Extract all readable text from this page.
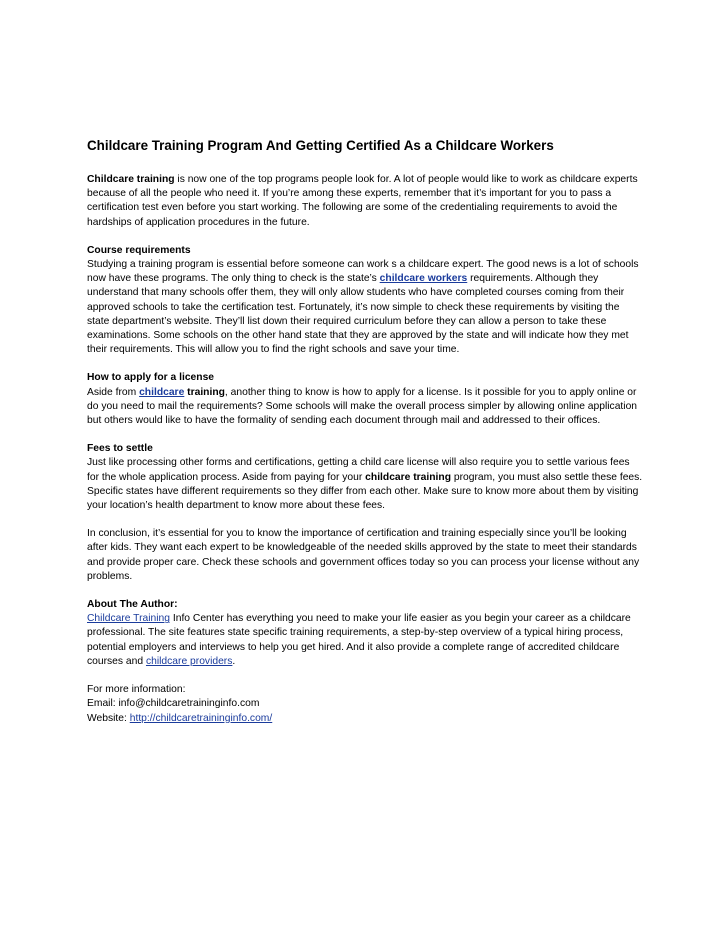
Childcare Training Program And Getting Certified As a Childcare Workers

Childcare training is now one of the top programs people look for. A lot of people would like to work as childcare experts because of all the people who need it. If you’re among these experts, remember that it’s important for you to pass a certification test even before you start working. The following are some of the credentialing requirements to avoid the hardships of application procedures in the future.

Course requirements
Studying a training program is essential before someone can work s a childcare expert. The good news is a lot of schools now have these programs. The only thing to check is the state’s childcare workers requirements. Although they understand that many schools offer them, they will only allow students who have completed courses coming from their approved schools to take the certification test. Fortunately, it’s now simple to check these requirements by visiting the state department’s website. They’ll list down their required curriculum before they can allow a person to take these examinations. Some schools on the other hand state that they are approved by the state and will indicate how they met their requirements. This will allow you to find the right schools and save your time.

How to apply for a license
Aside from childcare training, another thing to know is how to apply for a license. Is it possible for you to apply online or do you need to mail the requirements? Some schools will make the overall process simpler by allowing online application but others would like to have the formality of sending each document through mail and addressed to their offices.

Fees to settle
Just like processing other forms and certifications, getting a child care license will also require you to settle various fees for the whole application process. Aside from paying for your childcare training program, you must also settle these fees. Specific states have different requirements so they differ from each other. Make sure to know more about them by visiting your location’s health department to know more about these fees.

In conclusion, it’s essential for you to know the importance of certification and training especially since you’ll be looking after kids. They want each expert to be knowledgeable of the needed skills approved by the state to meet their standards and provide proper care. Check these schools and government offices today so you can process your license without any problems.

About The Author:
Childcare Training Info Center has everything you need to make your life easier as you begin your career as a childcare professional. The site features state specific training requirements, a step-by-step overview of a typical hiring process, potential employers and interviews to help you get hired. And it also provide a complete range of accredited childcare courses and childcare providers.

For more information:
Email: info@childcaretraininginfo.com
Website: http://childcaretraininginfo.com/
